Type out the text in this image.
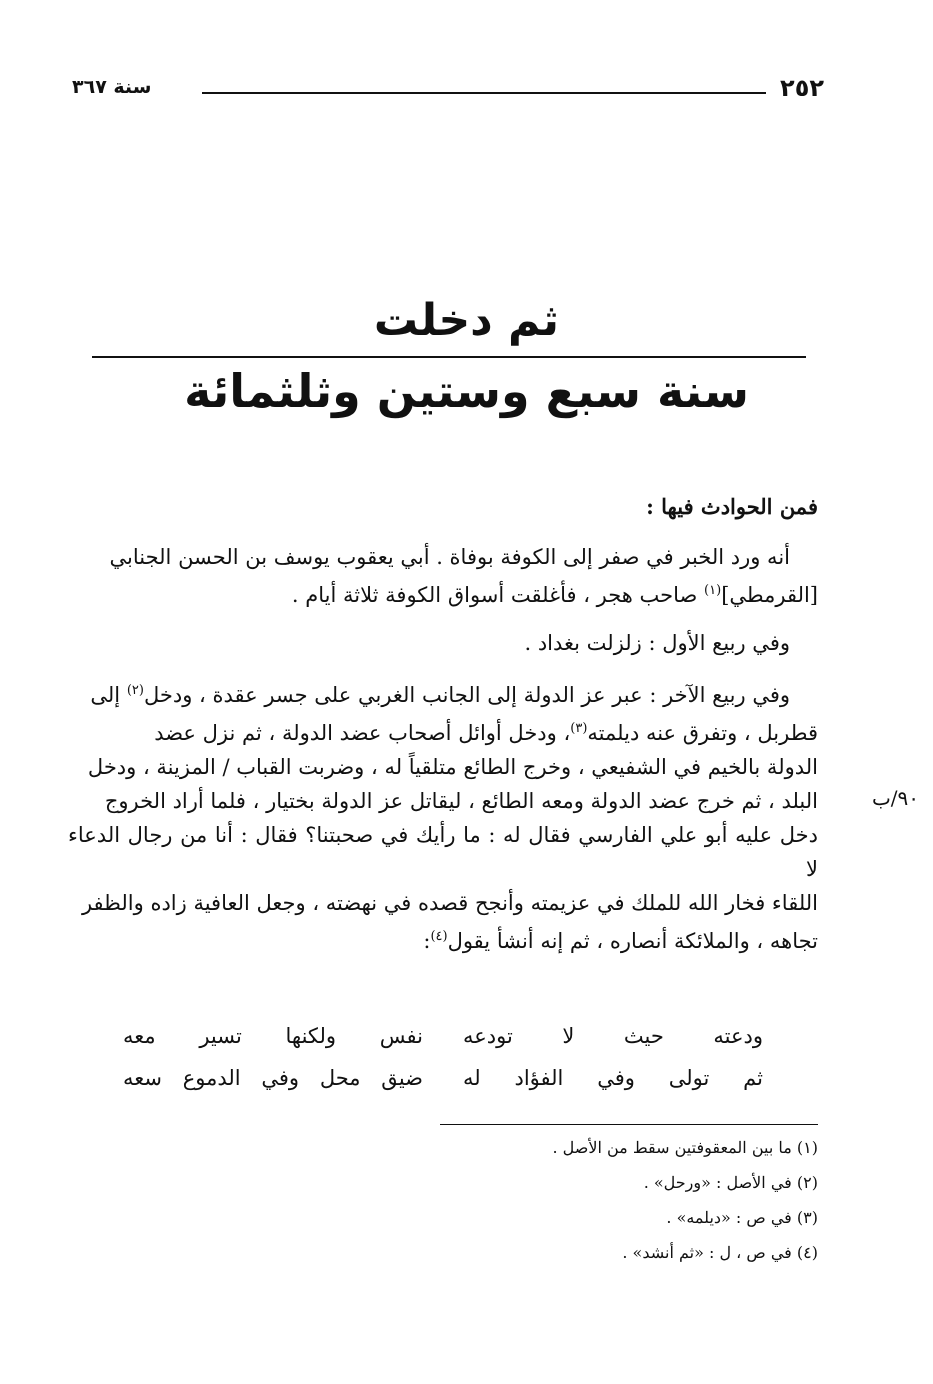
٢٥٢
سنة ٣٦٧
ثم دخلت
سنة سبع وستين وثلثمائة
فمن الحوادث فيها :

أنه ورد الخبر في صفر إلى الكوفة بوفاة . أبي يعقوب يوسف بن الحسن الجنابي

[القرمطي]$^{(١)}$ صاحب هجر ، فأغلقت أسواق الكوفة ثلاثة أيام .

وفي ربيع الأول : زلزلت بغداد .

وفي ربيع الآخر : عبر عز الدولة إلى الجانب الغربي على جسر عقدة ، ودخل$^{(٢)}$ إلى

قطربل ، وتفرق عنه ديلمته$^{(٣)}$، ودخل أوائل أصحاب عضد الدولة ، ثم نزل عضد

الدولة بالخيم في الشفيعي ، وخرج الطائع متلقياً له ، وضربت القباب / المزينة ، ودخل

البلد ، ثم خرج عضد الدولة ومعه الطائع ، ليقاتل عز الدولة بختيار ، فلما أراد الخروج

دخل عليه أبو علي الفارسي فقال له : ما رأيك في صحبتنا؟ فقال : أنا من رجال الدعاء لا

اللقاء فخار الله للملك في عزيمته وأنجح قصده في نهضته ، وجعل العافية زاده والظفر

تجاهه ، والملائكة أنصاره ، ثم إنه أنشأ يقول$^{(٤)}$:

٩٠/ب
ودعته حيث لا تودعه
نفس ولكنها تسير معه
ثم تولى وفي الفؤاد له
ضيق محل وفي الدموع سعه
(١) ما بين المعقوفتين سقط من الأصل .
(٢) في الأصل : «ورحل» .
(٣) في ص : «ديلمه» .
(٤) في ص ، ل : «ثم أنشد» .
